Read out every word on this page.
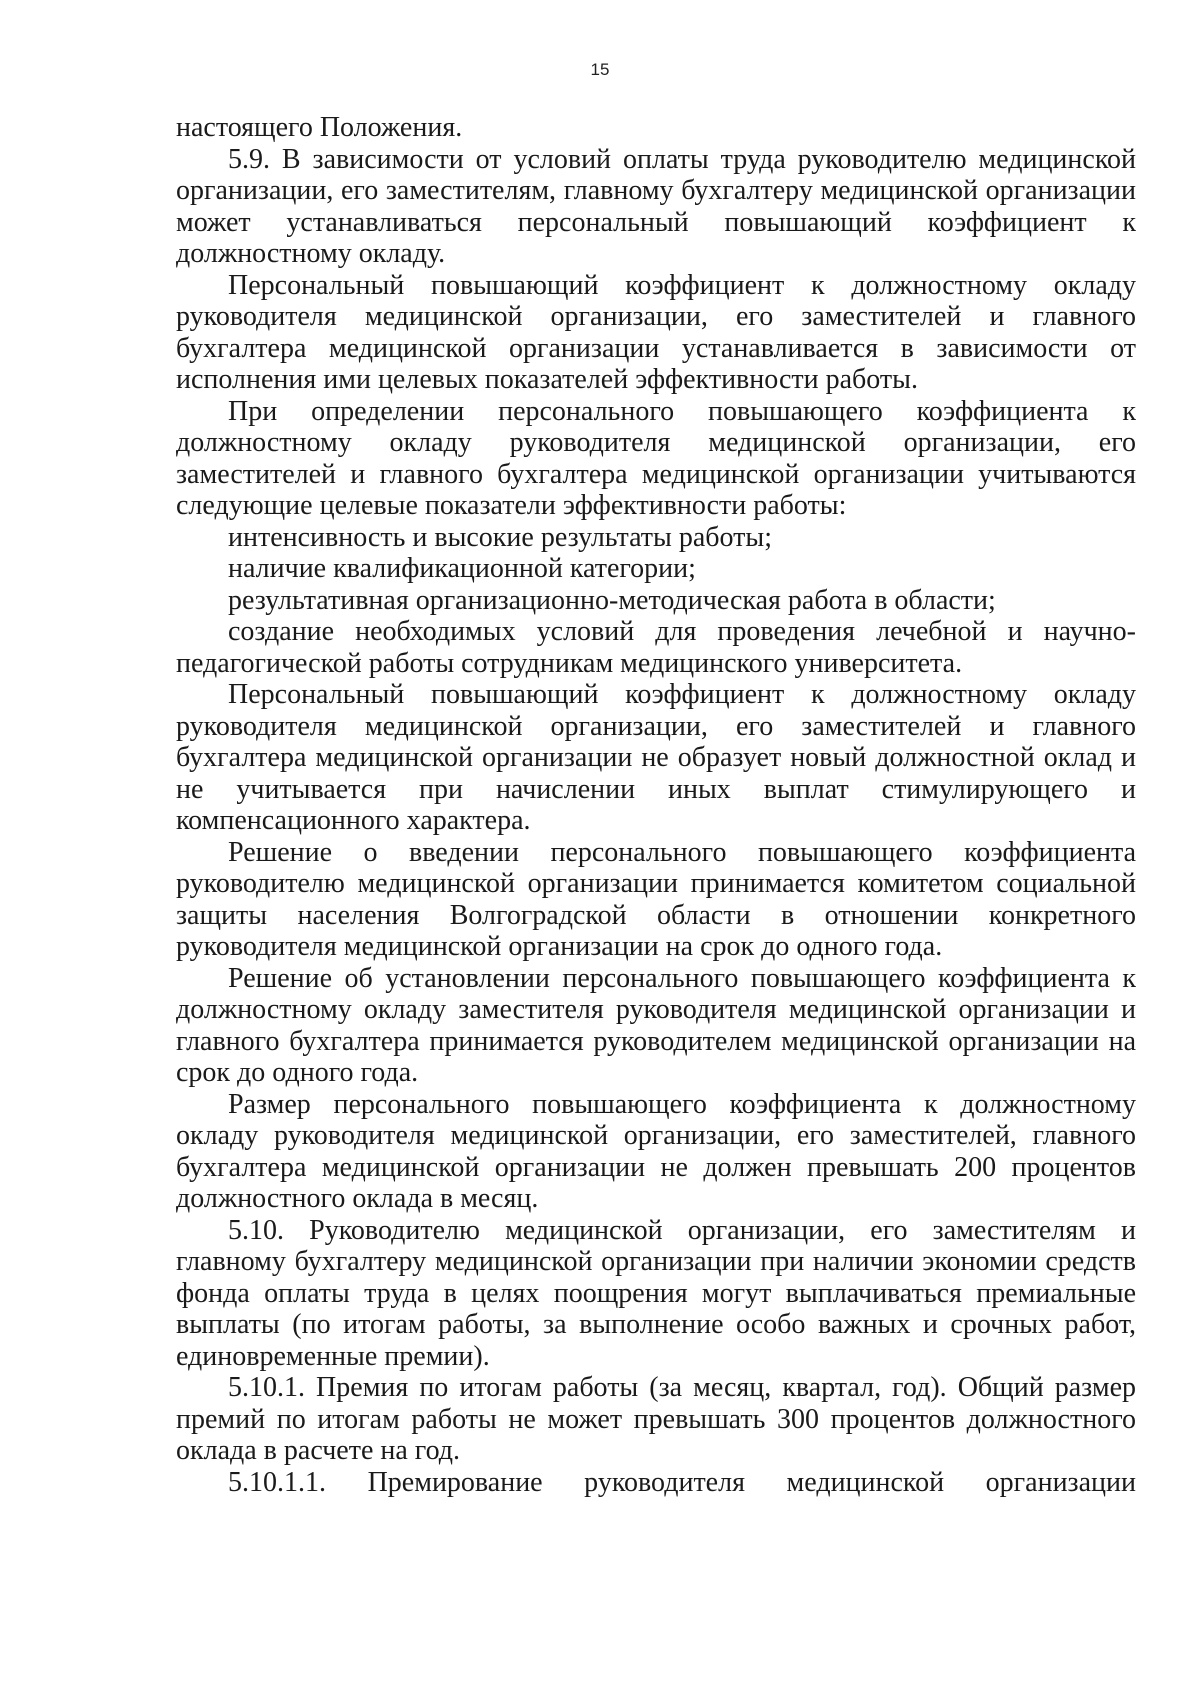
15

настоящего Положения.

5.9. В зависимости от условий оплаты труда руководителю медицинской организации, его заместителям, главному бухгалтеру медицинской организации может устанавливаться персональный повышающий коэффициент к должностному окладу.

Персональный повышающий коэффициент к должностному окладу руководителя медицинской организации, его заместителей и главного бухгалтера медицинской организации устанавливается в зависимости от исполнения ими целевых показателей эффективности работы.

При определении персонального повышающего коэффициента к должностному окладу руководителя медицинской организации, его заместителей и главного бухгалтера медицинской организации учитываются следующие целевые показатели эффективности работы:

интенсивность и высокие результаты работы;

наличие квалификационной категории;

результативная организационно-методическая работа в области;

создание необходимых условий для проведения лечебной и научно-педагогической работы сотрудникам медицинского университета.

Персональный повышающий коэффициент к должностному окладу руководителя медицинской организации, его заместителей и главного бухгалтера медицинской организации не образует новый должностной оклад и не учитывается при начислении иных выплат стимулирующего и компенсационного характера.

Решение о введении персонального повышающего коэффициента руководителю медицинской организации принимается комитетом социальной защиты населения Волгоградской области в отношении конкретного руководителя медицинской организации на срок до одного года.

Решение об установлении персонального повышающего коэффициента к должностному окладу заместителя руководителя медицинской организации и главного бухгалтера принимается руководителем медицинской организации на срок до одного года.

Размер персонального повышающего коэффициента к должностному окладу руководителя медицинской организации, его заместителей, главного бухгалтера медицинской организации не должен превышать 200 процентов должностного оклада в месяц.

5.10. Руководителю медицинской организации, его заместителям и главному бухгалтеру медицинской организации при наличии экономии средств фонда оплаты труда в целях поощрения могут выплачиваться премиальные выплаты (по итогам работы, за выполнение особо важных и срочных работ, единовременные премии).

5.10.1. Премия по итогам работы (за месяц, квартал, год). Общий размер премий по итогам работы не может превышать 300 процентов должностного оклада в расчете на год.

5.10.1.1. Премирование руководителя медицинской организации
